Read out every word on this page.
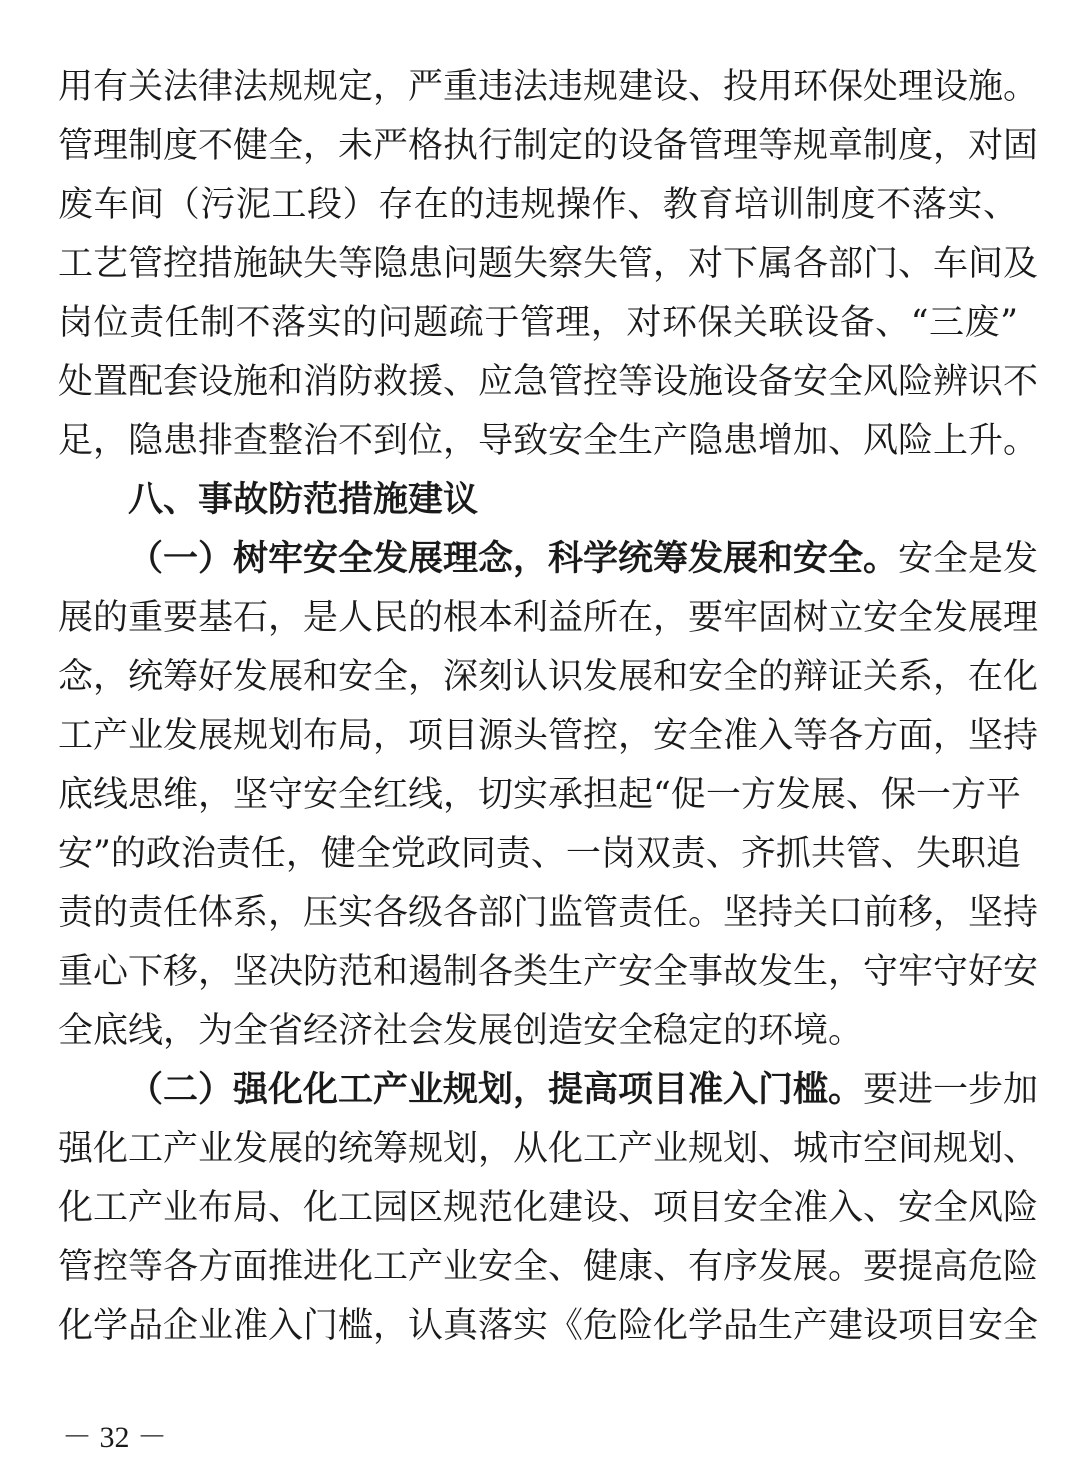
用有关法律法规规定，严重违法违规建设、投用环保处理设施。
管理制度不健全，未严格执行制定的设备管理等规章制度，对固
废车间（污泥工段）存在的违规操作、教育培训制度不落实、
工艺管控措施缺失等隐患问题失察失管，对下属各部门、车间及
岗位责任制不落实的问题疏于管理，对环保关联设备、“三废”
处置配套设施和消防救援、应急管控等设施设备安全风险辨识不
足，隐患排查整治不到位，导致安全生产隐患增加、风险上升。
八、事故防范措施建议
（一）树牢安全发展理念，科学统筹发展和安全。安全是发
展的重要基石，是人民的根本利益所在，要牢固树立安全发展理
念，统筹好发展和安全，深刻认识发展和安全的辩证关系，在化
工产业发展规划布局，项目源头管控，安全准入等各方面，坚持
底线思维，坚守安全红线，切实承担起“促一方发展、保一方平
安”的政治责任，健全党政同责、一岗双责、齐抓共管、失职追
责的责任体系，压实各级各部门监管责任。坚持关口前移，坚持
重心下移，坚决防范和遏制各类生产安全事故发生，守牢守好安
全底线，为全省经济社会发展创造安全稳定的环境。
（二）强化化工产业规划，提高项目准入门槛。要进一步加
强化工产业发展的统筹规划，从化工产业规划、城市空间规划、
化工产业布局、化工园区规范化建设、项目安全准入、安全风险
管控等各方面推进化工产业安全、健康、有序发展。要提高危险
化学品企业准入门槛，认真落实《危险化学品生产建设项目安全
－ 32 －
